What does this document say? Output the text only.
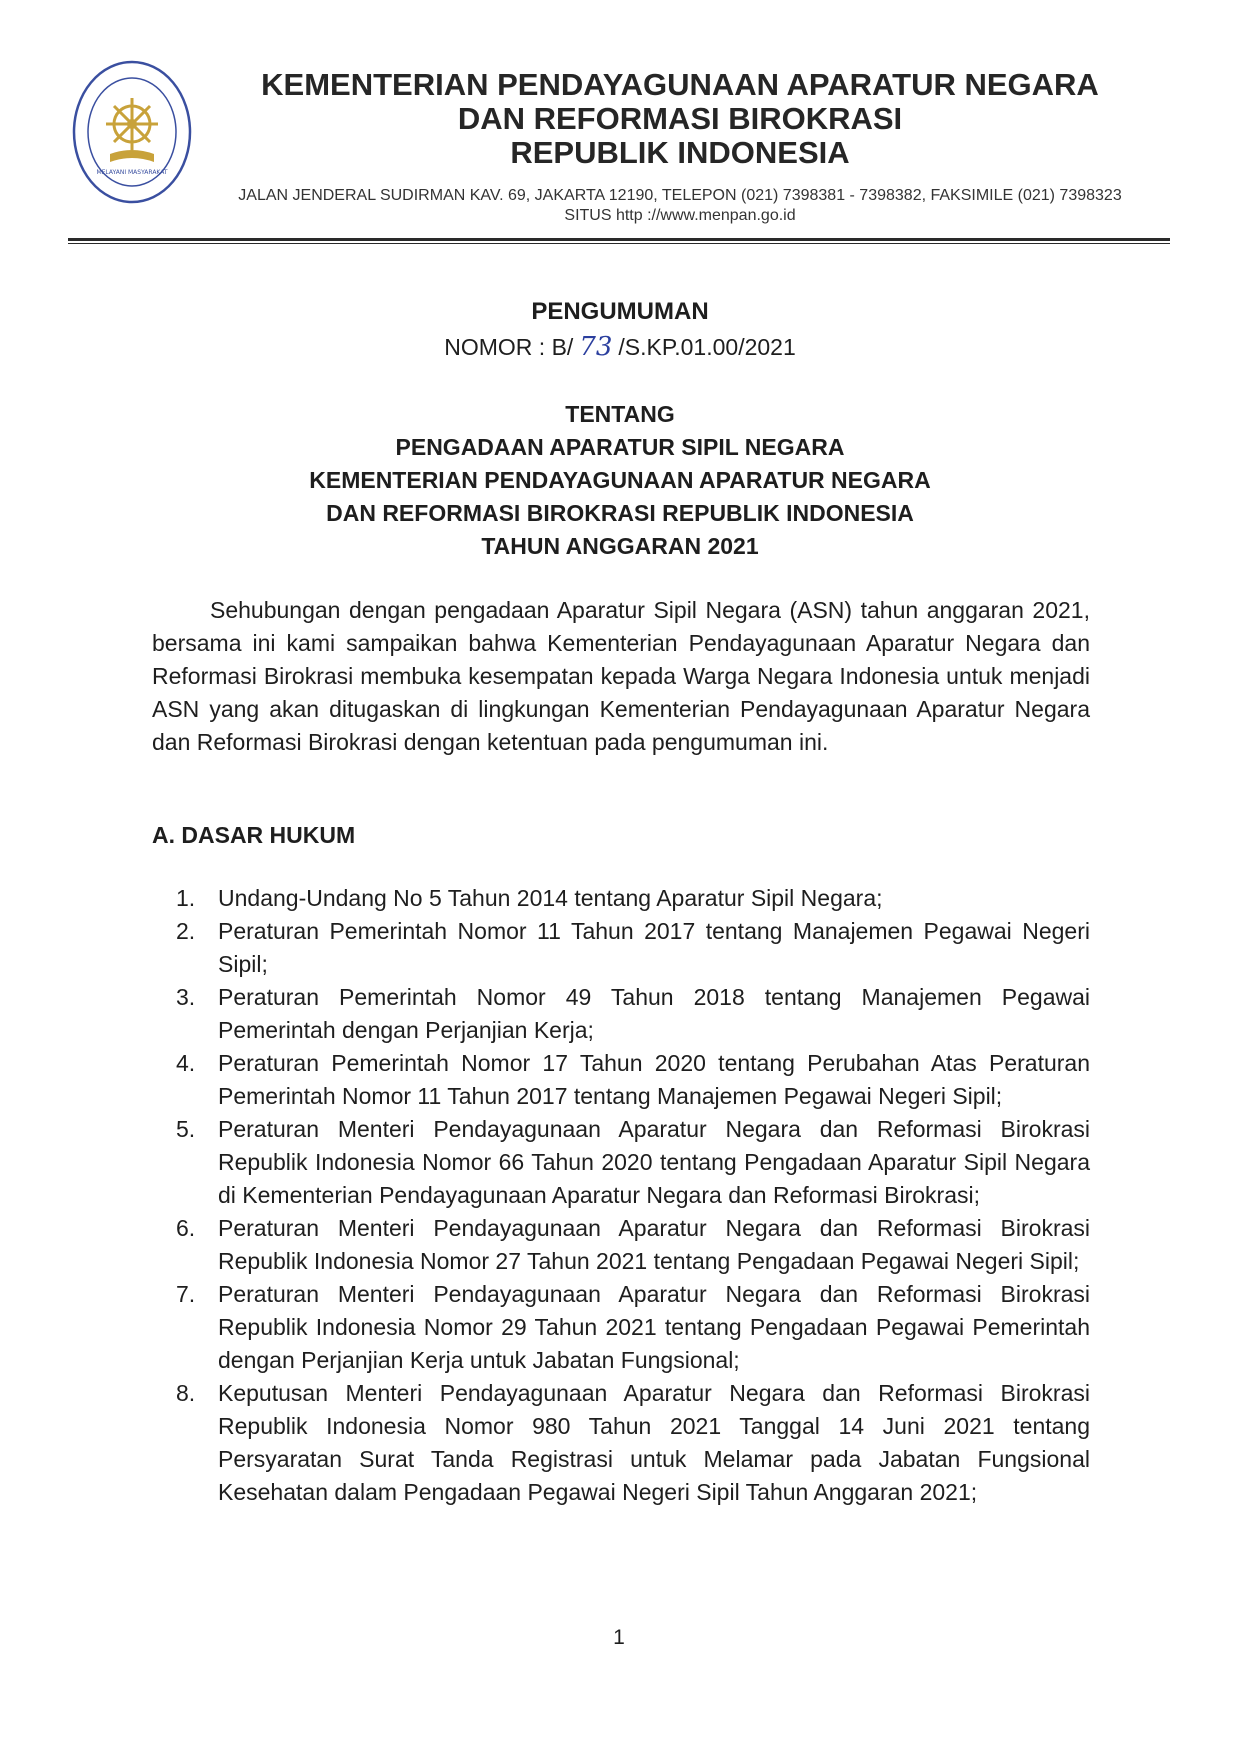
MELAYANI MASYARAKAT
KEMENTERIAN PENDAYAGUNAAN APARATUR NEGARA
DAN REFORMASI BIROKRASI
REPUBLIK INDONESIA
JALAN JENDERAL SUDIRMAN KAV. 69, JAKARTA 12190, TELEPON (021) 7398381 - 7398382, FAKSIMILE (021) 7398323
SITUS http ://www.menpan.go.id
PENGUMUMAN
NOMOR : B/ 73 /S.KP.01.00/2021
TENTANG
PENGADAAN APARATUR SIPIL NEGARA
KEMENTERIAN PENDAYAGUNAAN APARATUR NEGARA
DAN REFORMASI BIROKRASI REPUBLIK INDONESIA
TAHUN ANGGARAN 2021
Sehubungan dengan pengadaan Aparatur Sipil Negara (ASN) tahun anggaran 2021, bersama ini kami sampaikan bahwa Kementerian Pendayagunaan Aparatur Negara dan Reformasi Birokrasi membuka kesempatan kepada Warga Negara Indonesia untuk menjadi ASN yang akan ditugaskan di lingkungan Kementerian Pendayagunaan Aparatur Negara dan Reformasi Birokrasi dengan ketentuan pada pengumuman ini.
A. DASAR HUKUM
1. Undang-Undang No 5 Tahun 2014 tentang Aparatur Sipil Negara;
2. Peraturan Pemerintah Nomor 11 Tahun 2017 tentang Manajemen Pegawai Negeri Sipil;
3. Peraturan Pemerintah Nomor 49 Tahun 2018 tentang Manajemen Pegawai Pemerintah dengan Perjanjian Kerja;
4. Peraturan Pemerintah Nomor 17 Tahun 2020 tentang Perubahan Atas Peraturan Pemerintah Nomor 11 Tahun 2017 tentang Manajemen Pegawai Negeri Sipil;
5. Peraturan Menteri Pendayagunaan Aparatur Negara dan Reformasi Birokrasi Republik Indonesia Nomor 66 Tahun 2020 tentang Pengadaan Aparatur Sipil Negara di Kementerian Pendayagunaan Aparatur Negara dan Reformasi Birokrasi;
6. Peraturan Menteri Pendayagunaan Aparatur Negara dan Reformasi Birokrasi Republik Indonesia Nomor 27 Tahun 2021 tentang Pengadaan Pegawai Negeri Sipil;
7. Peraturan Menteri Pendayagunaan Aparatur Negara dan Reformasi Birokrasi Republik Indonesia Nomor 29 Tahun 2021 tentang Pengadaan Pegawai Pemerintah dengan Perjanjian Kerja untuk Jabatan Fungsional;
8. Keputusan Menteri Pendayagunaan Aparatur Negara dan Reformasi Birokrasi Republik Indonesia Nomor 980 Tahun 2021 Tanggal 14 Juni 2021 tentang Persyaratan Surat Tanda Registrasi untuk Melamar pada Jabatan Fungsional Kesehatan dalam Pengadaan Pegawai Negeri Sipil Tahun Anggaran 2021;
1
